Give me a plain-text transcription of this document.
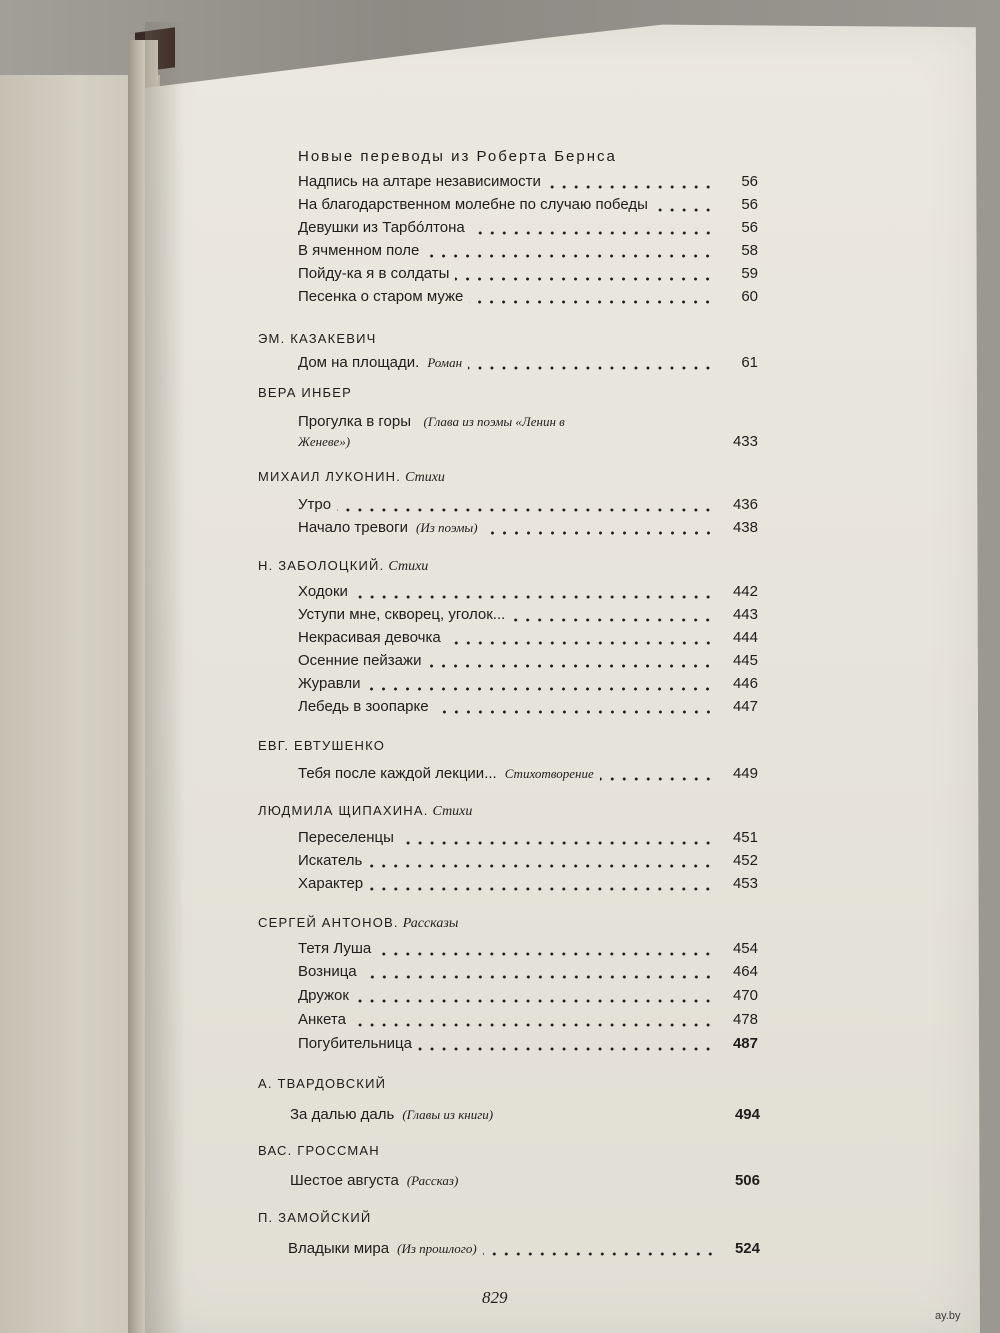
Новые переводы из Роберта Бернса
Надпись на алтаре независимости	56
На благодарственном молебне по случаю победы	56
Девушки из Тарбóлтона	56
В ячменном поле	58
Пойду-ка я в солдаты	59
Песенка о старом муже	60
ЭМ. КАЗАКЕВИЧ
Дом на площади. Роман	61
ВЕРА ИНБЕР
Прогулка в горы
(Глава из поэмы «Ленин в
Женеве»)	433
МИХАИЛ ЛУКОНИН. Стихи
Утро	436
Начало тревоги (Из поэмы)	438
Н. ЗАБОЛОЦКИЙ. Стихи
Ходоки	442
Уступи мне, скворец, уголок...	443
Некрасивая девочка	444
Осенние пейзажи	445
Журавли	446
Лебедь в зоопарке	447
ЕВГ. ЕВТУШЕНКО
Тебя после каждой лекции... Стихотворение	449
ЛЮДМИЛА ЩИПАХИНА. Стихи
Переселенцы	451
Искатель	452
Характер	453
СЕРГЕЙ АНТОНОВ. Рассказы
Тетя Луша	454
Возница	464
Дружок	470
Анкета	478
Погубительница	487
А. ТВАРДОВСКИЙ
За далью даль (Главы из книги)	494
ВАС. ГРОССМАН
Шестое августа (Рассказ)	506
П. ЗАМОЙСКИЙ
Владыки мира (Из прошлого)	524
829
ay.by
